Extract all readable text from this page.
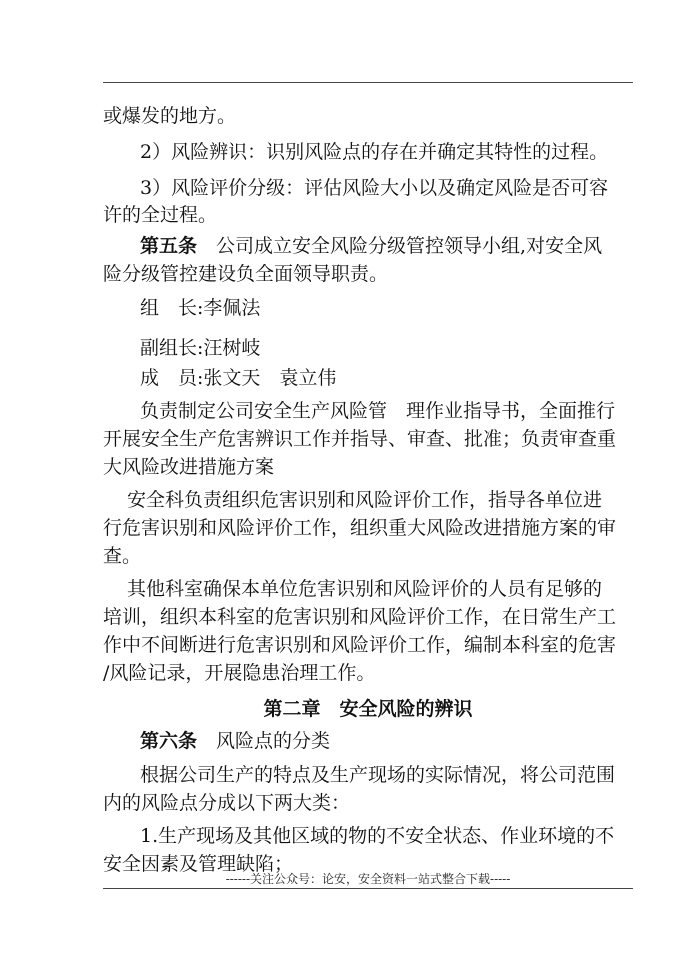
或爆发的地方。
2）风险辨识：识别风险点的存在并确定其特性的过程。
3）风险评价分级：评估风险大小以及确定风险是否可容
许的全过程。
第五条　 公司成立安全风险分级管控领导小组,对安全风
险分级管控建设负全面领导职责。
组　长:李佩法
副组长:汪树岐
成　员:张文天　袁立伟
负责制定公司安全生产风险管　理作业指导书，全面推行
开展安全生产危害辨识工作并指导、审查、批准；负责审查重
大风险改进措施方案
安全科负责组织危害识别和风险评价工作，指导各单位进
行危害识别和风险评价工作，组织重大风险改进措施方案的审
查。
其他科室确保本单位危害识别和风险评价的人员有足够的
培训，组织本科室的危害识别和风险评价工作，在日常生产工
作中不间断进行危害识别和风险评价工作，编制本科室的危害
/风险记录，开展隐患治理工作。
第二章　安全风险的辨识
第六条　 风险点的分类
根据公司生产的特点及生产现场的实际情况，将公司范围
内的风险点分成以下两大类：
1.生产现场及其他区域的物的不安全状态、作业环境的不
安全因素及管理缺陷；
------关注公众号：论安，安全资料一站式整合下载-----
